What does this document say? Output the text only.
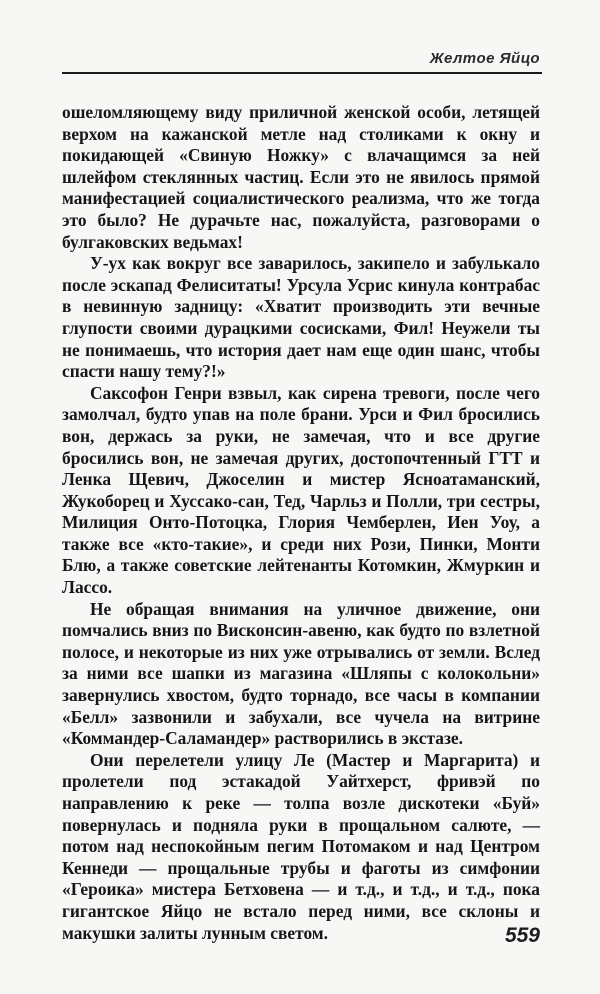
Желтое Яйцо

ошеломляющему виду приличной женской особи, летящей верхом на кажанской метле над столиками к окну и покидающей «Свиную Ножку» с влачащимся за ней шлейфом стеклянных частиц. Если это не явилось прямой манифестацией социалистического реализма, что же тогда это было? Не дурачьте нас, пожалуйста, разговорами о булгаковских ведьмах!

У-ух как вокруг все заварилось, закипело и забулькало после эскапад Фелиситаты! Урсула Усрис кинула контрабас в невинную задницу: «Хватит производить эти вечные глупости своими дурацкими сосисками, Фил! Неужели ты не понимаешь, что история дает нам еще один шанс, чтобы спасти нашу тему?!»

Саксофон Генри взвыл, как сирена тревоги, после чего замолчал, будто упав на поле брани. Урси и Фил бросились вон, держась за руки, не замечая, что и все другие бросились вон, не замечая других, достопочтенный ГТТ и Ленка Щевич, Джоселин и мистер Ясноатаманский, Жукоборец и Хуссако-сан, Тед, Чарльз и Полли, три сестры, Милиция Онто-Потоцка, Глория Чемберлен, Иен Уоу, а также все «кто-такие», и среди них Рози, Пинки, Монти Блю, а также советские лейтенанты Котомкин, Жмуркин и Лассо.

Не обращая внимания на уличное движение, они помчались вниз по Висконсин-авеню, как будто по взлетной полосе, и некоторые из них уже отрывались от земли. Вслед за ними все шапки из магазина «Шляпы с колокольни» завернулись хвостом, будто торнадо, все часы в компании «Белл» зазвонили и забухали, все чучела на витрине «Коммандер-Саламандер» растворились в экстазе.

Они перелетели улицу Ле (Мастер и Маргарита) и пролетели под эстакадой Уайтхерст, фривэй по направлению к реке — толпа возле дискотеки «Буй» повернулась и подняла руки в прощальном салюте, — потом над неспокойным пегим Потомаком и над Центром Кеннеди — прощальные трубы и фаготы из симфонии «Героика» мистера Бетховена — и т.д., и т.д., и т.д., пока гигантское Яйцо не встало перед ними, все склоны и макушки залиты лунным светом.	559
